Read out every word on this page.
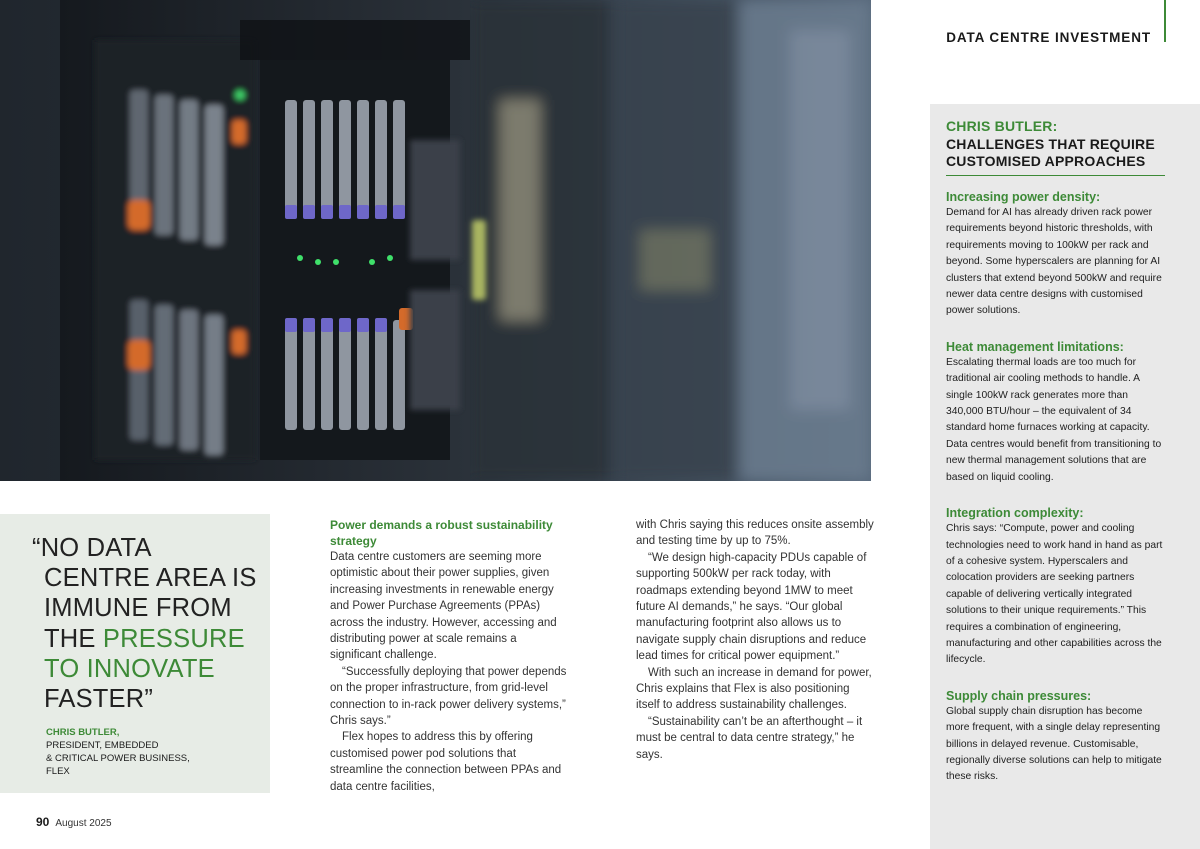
DATA CENTRE INVESTMENT
“NO DATA

CENTRE AREA IS
IMMUNE FROM
THE PRESSURE
TO INNOVATE
FASTER”
CHRIS BUTLER,
PRESIDENT, EMBEDDED
& CRITICAL POWER BUSINESS,
FLEX
Power demands a robust sustainability strategy

Data centre customers are seeming more optimistic about their power supplies, given increasing investments in renewable energy and Power Purchase Agreements (PPAs) across the industry. However, accessing and distributing power at scale remains a significant challenge.

“Successfully deploying that power depends on the proper infrastructure, from grid-level connection to in-rack power delivery systems,” Chris says.”

Flex hopes to address this by offering customised power pod solutions that streamline the connection between PPAs and data centre facilities,

with Chris saying this reduces onsite assembly and testing time by up to 75%.

“We design high-capacity PDUs capable of supporting 500kW per rack today, with roadmaps extending beyond 1MW to meet future AI demands,” he says. “Our global manufacturing footprint also allows us to navigate supply chain disruptions and reduce lead times for critical power equipment.”

With such an increase in demand for power, Chris explains that Flex is also positioning itself to address sustainability challenges.

“Sustainability can’t be an afterthought – it must be central to data centre strategy,” he says.

CHRIS BUTLER:
CHALLENGES THAT REQUIRE CUSTOMISED APPROACHES
Increasing power density:

Demand for AI has already driven rack power requirements beyond historic thresholds, with requirements moving to 100kW per rack and beyond. Some hyperscalers are planning for AI clusters that extend beyond 500kW and require newer data centre designs with customised power solutions.

Heat management limitations:

Escalating thermal loads are too much for traditional air cooling methods to handle. A single 100kW rack generates more than 340,000 BTU/hour – the equivalent of 34 standard home furnaces working at capacity. Data centres would benefit from transitioning to new thermal management solutions that are based on liquid cooling.

Integration complexity:

Chris says: “Compute, power and cooling technologies need to work hand in hand as part of a cohesive system. Hyperscalers and colocation providers are seeking partners capable of delivering vertically integrated solutions to their unique requirements.” This requires a combination of engineering, manufacturing and other capabilities across the lifecycle.

Supply chain pressures:

Global supply chain disruption has become more frequent, with a single delay representing billions in delayed revenue. Customisable, regionally diverse solutions can help to mitigate these risks.

90 August 2025
